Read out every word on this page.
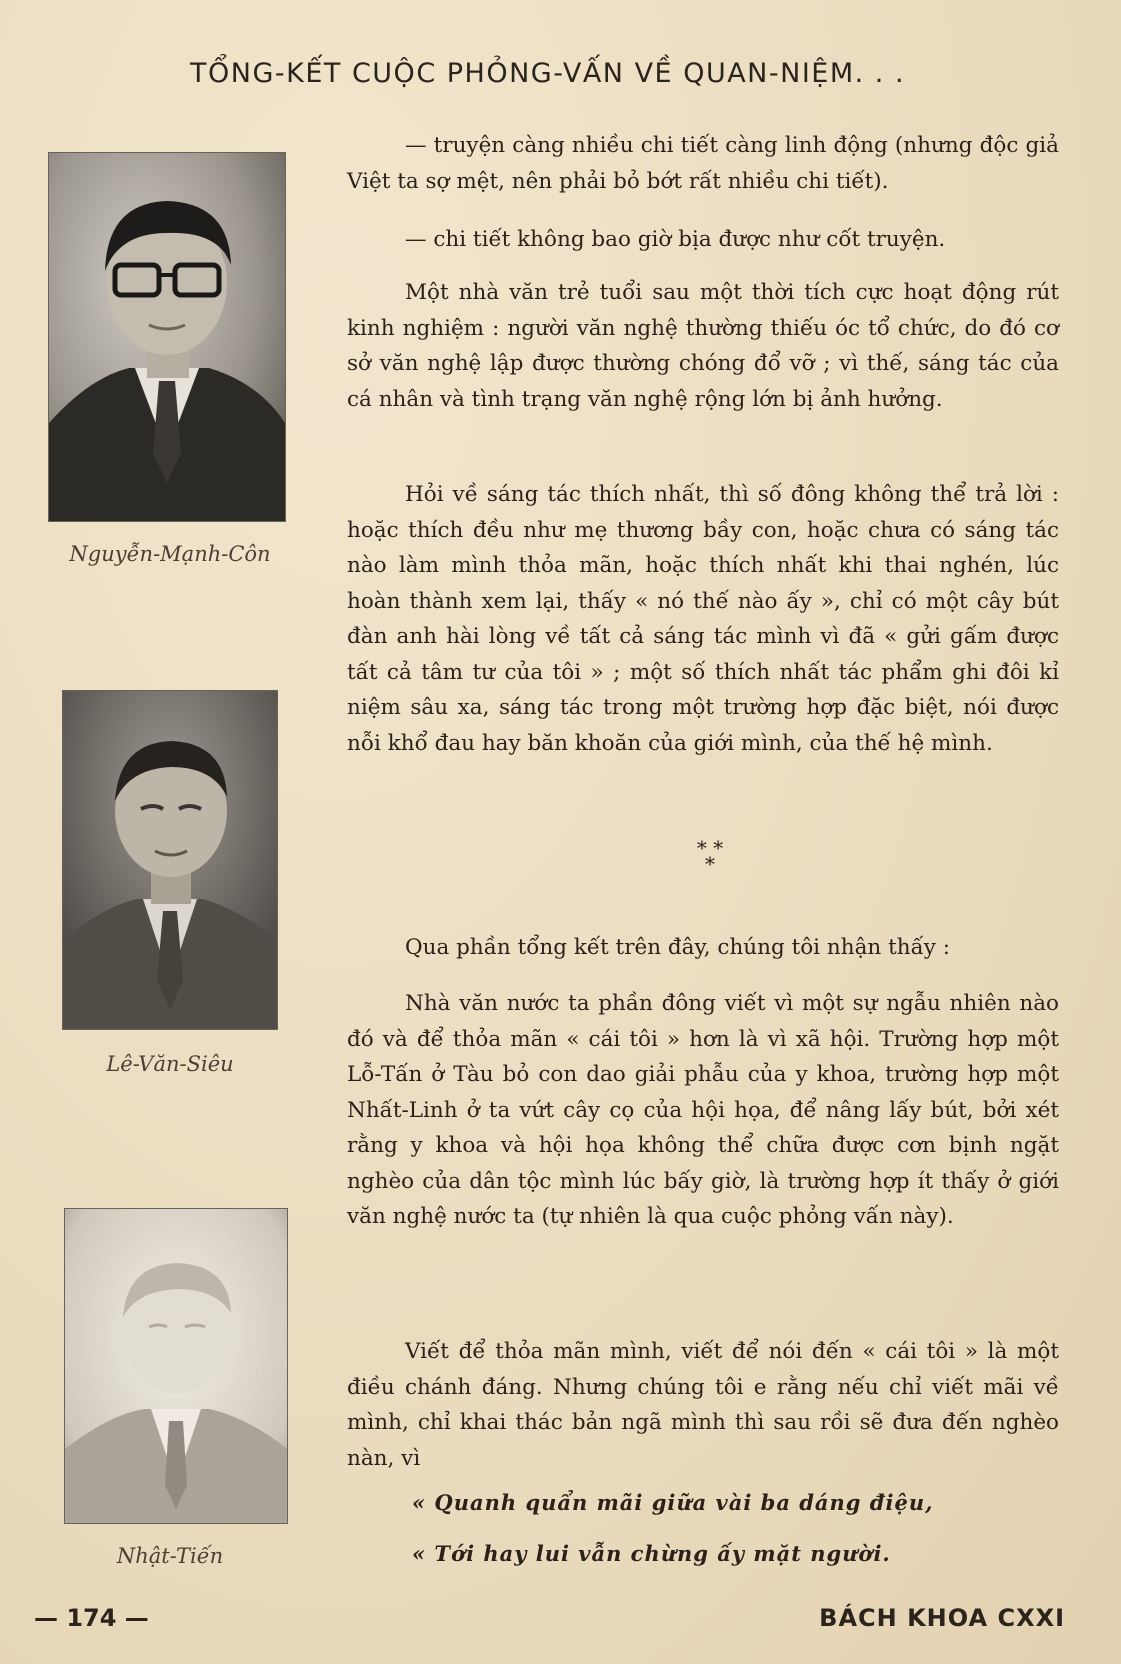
TỔNG-KẾT CUỘC PHỎNG-VẤN VỀ QUAN-NIỆM. . .
Nguyễn-Mạnh-Côn
Lê-Văn-Siêu
Nhật-Tiến

— truyện càng nhiều chi tiết càng linh động (nhưng độc giả Việt ta sợ mệt, nên phải bỏ bớt rất nhiều chi tiết).

— chi tiết không bao giờ bịa được như cốt truyện.

Một nhà văn trẻ tuổi sau một thời tích cực hoạt động rút kinh nghiệm : người văn nghệ thường thiếu óc tổ chức, do đó cơ sở văn nghệ lập được thường chóng đổ vỡ ; vì thế, sáng tác của cá nhân và tình trạng văn nghệ rộng lớn bị ảnh hưởng.

Hỏi về sáng tác thích nhất, thì số đông không thể trả lời : hoặc thích đều như mẹ thương bầy con, hoặc chưa có sáng tác nào làm mình thỏa mãn, hoặc thích nhất khi thai nghén, lúc hoàn thành xem lại, thấy « nó thế nào ấy », chỉ có một cây bút đàn anh hài lòng về tất cả sáng tác mình vì đã « gửi gấm được tất cả tâm tư của tôi » ; một số thích nhất tác phẩm ghi đôi kỉ niệm sâu xa, sáng tác trong một trường hợp đặc biệt, nói được nỗi khổ đau hay băn khoăn của giới mình, của thế hệ mình.

* * *

Qua phần tổng kết trên đây, chúng tôi nhận thấy :

Nhà văn nước ta phần đông viết vì một sự ngẫu nhiên nào đó và để thỏa mãn « cái tôi » hơn là vì xã hội. Trường hợp một Lỗ-Tấn ở Tàu bỏ con dao giải phẫu của y khoa, trường hợp một Nhất-Linh ở ta vứt cây cọ của hội họa, để nâng lấy bút, bởi xét rằng y khoa và hội họa không thể chữa được cơn bịnh ngặt nghèo của dân tộc mình lúc bấy giờ, là trường hợp ít thấy ở giới văn nghệ nước ta (tự nhiên là qua cuộc phỏng vấn này).

Viết để thỏa mãn mình, viết để nói đến « cái tôi » là một điều chánh đáng. Nhưng chúng tôi e rằng nếu chỉ viết mãi về mình, chỉ khai thác bản ngã mình thì sau rồi sẽ đưa đến nghèo nàn, vì

« Quanh quẩn mãi giữa vài ba dáng điệu,
« Tới hay lui vẫn chừng ấy mặt người.
— 174 —	BÁCH KHOA CXXI
